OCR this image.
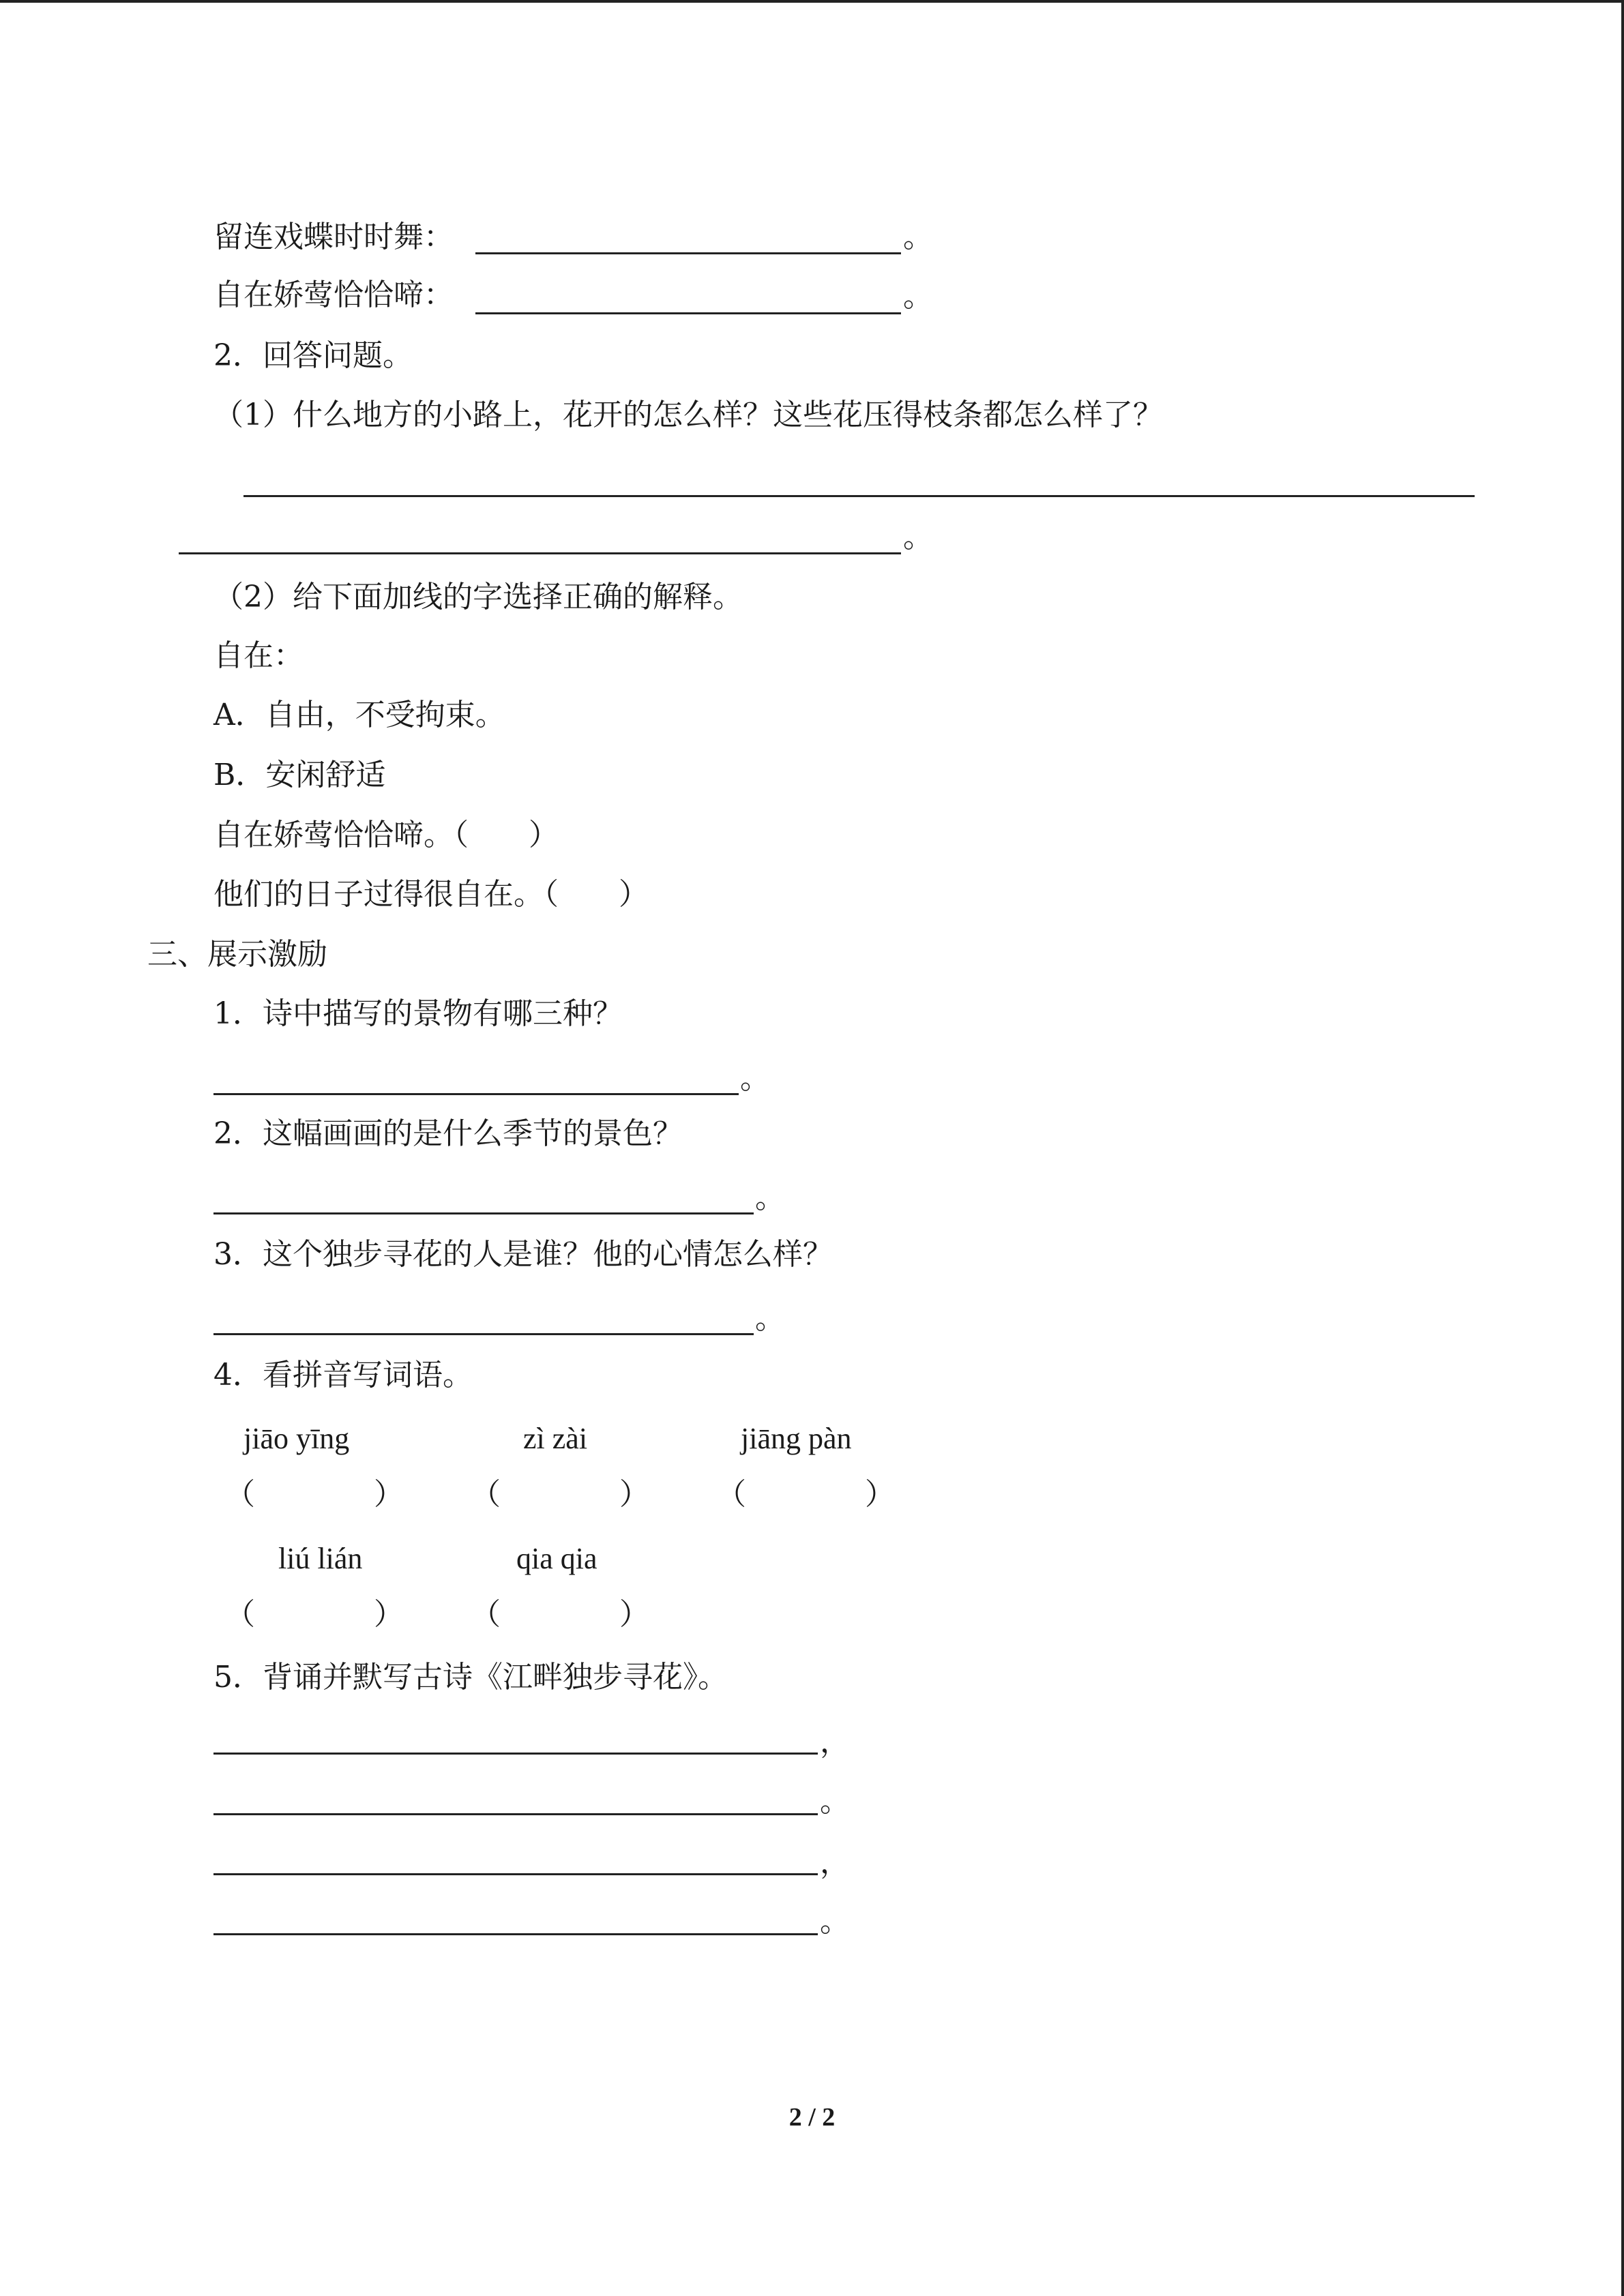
留连戏蝶时时舞：	。
自在娇莺恰恰啼：	。
2．回答问题。
（1）什么地方的小路上，花开的怎么样？这些花压得枝条都怎么样了？
。
（2）给下面加线的字选择正确的解释。
自在：
A．自由，不受拘束。
B．安闲舒适
自在娇莺恰恰啼。（　　）
他们的日子过得很自在。（　　）
三、展示激励
1．诗中描写的景物有哪三种？
。
2．这幅画画的是什么季节的景色？
。
3．这个独步寻花的人是谁？他的心情怎么样？
。
4．看拼音写词语。
jiāo yīng	zì zài	jiāng pàn
（	） （	） （	）
liú lián	qia qia
（	） （	）
5．背诵并默写古诗《江畔独步寻花》。
，
。
，
。
2 / 2
